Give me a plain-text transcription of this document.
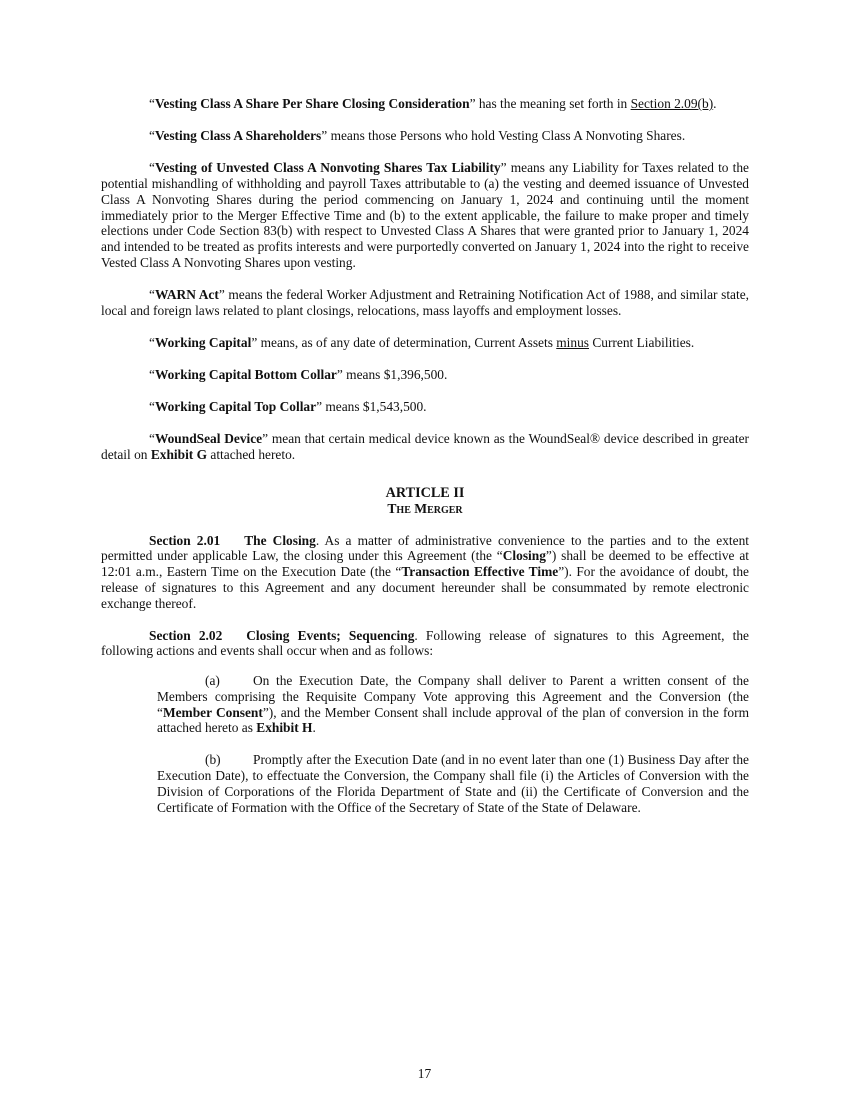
“Vesting Class A Share Per Share Closing Consideration” has the meaning set forth in Section 2.09(b).

“Vesting Class A Shareholders” means those Persons who hold Vesting Class A Nonvoting Shares.

“Vesting of Unvested Class A Nonvoting Shares Tax Liability” means any Liability for Taxes related to the potential mishandling of withholding and payroll Taxes attributable to (a) the vesting and deemed issuance of Unvested Class A Nonvoting Shares during the period commencing on January 1, 2024 and continuing until the moment immediately prior to the Merger Effective Time and (b) to the extent applicable, the failure to make proper and timely elections under Code Section 83(b) with respect to Unvested Class A Shares that were granted prior to January 1, 2024 and intended to be treated as profits interests and were purportedly converted on January 1, 2024 into the right to receive Vested Class A Nonvoting Shares upon vesting.

“WARN Act” means the federal Worker Adjustment and Retraining Notification Act of 1988, and similar state, local and foreign laws related to plant closings, relocations, mass layoffs and employment losses.

“Working Capital” means, as of any date of determination, Current Assets minus Current Liabilities.

“Working Capital Bottom Collar” means $1,396,500.

“Working Capital Top Collar” means $1,543,500.

“WoundSeal Device” mean that certain medical device known as the WoundSeal® device described in greater detail on Exhibit G attached hereto.

ARTICLE II
The Merger

Section 2.01 The Closing. As a matter of administrative convenience to the parties and to the extent permitted under applicable Law, the closing under this Agreement (the “Closing”) shall be deemed to be effective at 12:01 a.m., Eastern Time on the Execution Date (the “Transaction Effective Time”). For the avoidance of doubt, the release of signatures to this Agreement and any document hereunder shall be consummated by remote electronic exchange thereof.

Section 2.02 Closing Events; Sequencing. Following release of signatures to this Agreement, the following actions and events shall occur when and as follows:

(a) On the Execution Date, the Company shall deliver to Parent a written consent of the Members comprising the Requisite Company Vote approving this Agreement and the Conversion (the “Member Consent”), and the Member Consent shall include approval of the plan of conversion in the form attached hereto as Exhibit H.

(b) Promptly after the Execution Date (and in no event later than one (1) Business Day after the Execution Date), to effectuate the Conversion, the Company shall file (i) the Articles of Conversion with the Division of Corporations of the Florida Department of State and (ii) the Certificate of Conversion and the Certificate of Formation with the Office of the Secretary of State of the State of Delaware.

17
